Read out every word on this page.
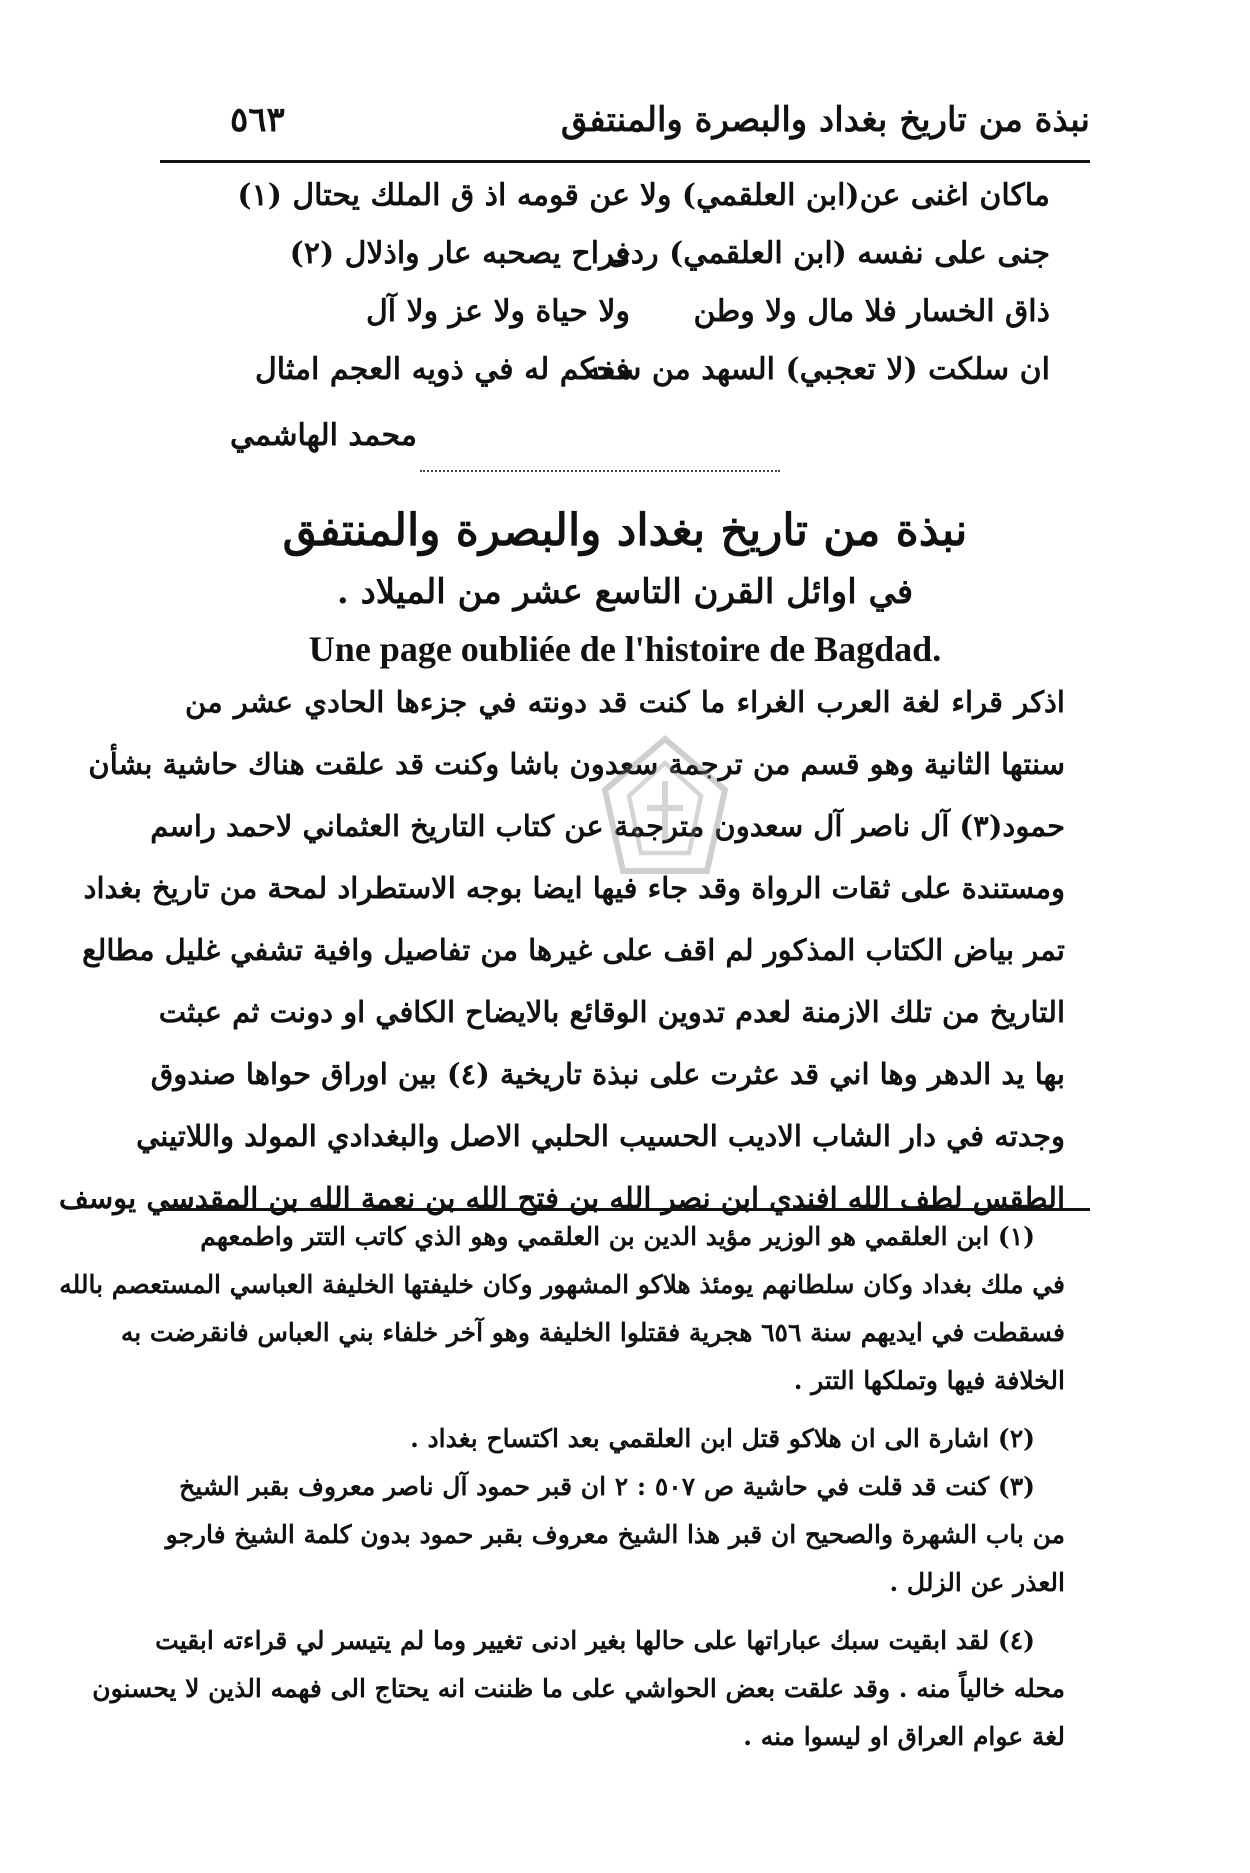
نبذة من تاريخ بغداد والبصرة والمنتفق
٥٦٣
ماكان اغنى عن(ابن العلقمي) ولا
عن قومه اذ ق الملك يحتال (١)
جنى على نفسه (ابن العلقمي) ردى
فراح يصحبه عار واذلال (٢)
ذاق الخسار فلا مال ولا وطن
ولا حياة ولا عز ولا آل
ان سلكت (لا تعجبي) السهد من سفه
فحكم له في ذويه العجم امثال
محمد الهاشمي
نبذة من تاريخ بغداد والبصرة والمنتفق
في اوائل القرن التاسع عشر من الميلاد .
Une page oubliée de l'histoire de Bagdad.
اذكر قراء لغة العرب الغراء ما كنت قد دونته في جزءها الحادي عشر من
سنتها الثانية وهو قسم من ترجمة سعدون باشا وكنت قد علقت هناك حاشية بشأن
حمود(٣) آل ناصر آل سعدون مترجمة عن كتاب التاريخ العثماني لاحمد راسم
ومستندة على ثقات الرواة وقد جاء فيها ايضا بوجه الاستطراد لمحة من تاريخ بغداد
تمر بياض الكتاب المذكور لم اقف على غيرها من تفاصيل وافية تشفي غليل مطالع
التاريخ من تلك الازمنة لعدم تدوين الوقائع بالايضاح الكافي او دونت ثم عبثت
بها يد الدهر وها اني قد عثرت على نبذة تاريخية (٤) بين اوراق حواها صندوق
وجدته في دار الشاب الاديب الحسيب الحلبي الاصل والبغدادي المولد واللاتيني
الطقس لطف الله افندي ابن نصر الله بن فتح الله بن نعمة الله بن المقدسي يوسف
(١) ابن العلقمي هو الوزير مؤيد الدين بن العلقمي وهو الذي كاتب التتر واطمعهم
في ملك بغداد وكان سلطانهم يومئذ هلاكو المشهور وكان خليفتها الخليفة العباسي المستعصم بالله
فسقطت في ايديهم سنة ٦٥٦ هجرية فقتلوا الخليفة وهو آخر خلفاء بني العباس فانقرضت به
الخلافة فيها وتملكها التتر .
(٢) اشارة الى ان هلاكو قتل ابن العلقمي بعد اكتساح بغداد .
(٣) كنت قد قلت في حاشية ص ٥٠٧ : ٢ ان قبر حمود آل ناصر معروف بقبر الشيخ
من باب الشهرة والصحيح ان قبر هذا الشيخ معروف بقبر حمود بدون كلمة الشيخ فارجو
العذر عن الزلل .
(٤) لقد ابقيت سبك عباراتها على حالها بغير ادنى تغيير وما لم يتيسر لي قراءته ابقيت
محله خالياً منه . وقد علقت بعض الحواشي على ما ظننت انه يحتاج الى فهمه الذين لا يحسنون
لغة عوام العراق او ليسوا منه .
